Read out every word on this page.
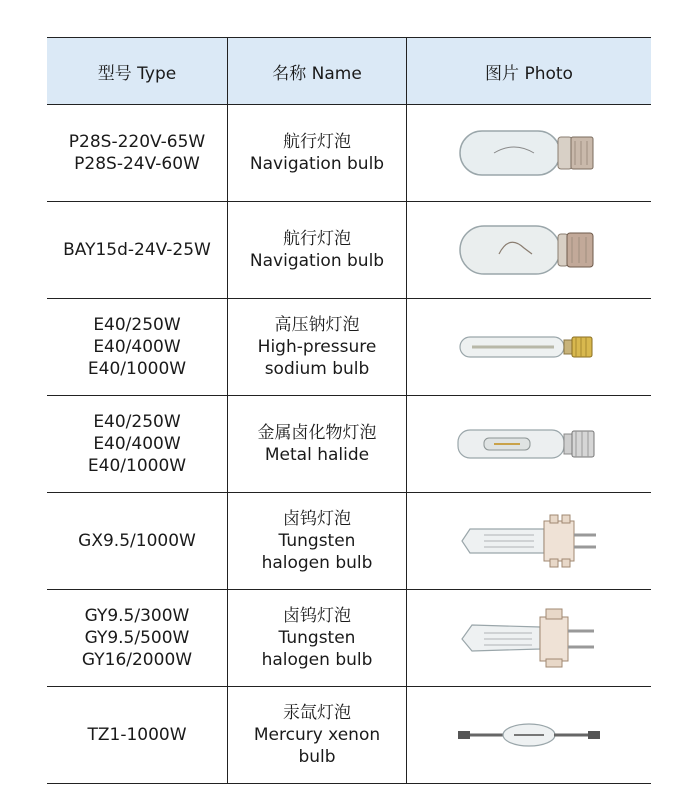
型号 Type	名称 Name	图片 Photo

P28S-220V-65W
P28S-24V-60W	航行灯泡
Navigation bulb

BAY15d-24V-25W	航行灯泡
Navigation bulb

E40/250W
E40/400W
E40/1000W	高压钠灯泡
High-pressure
sodium bulb

E40/250W
E40/400W
E40/1000W	金属卤化物灯泡
Metal halide

GX9.5/1000W	卤钨灯泡
Tungsten
halogen bulb

GY9.5/300W
GY9.5/500W
GY16/2000W	卤钨灯泡
Tungsten
halogen bulb

TZ1-1000W	汞氙灯泡
Mercury xenon
bulb
